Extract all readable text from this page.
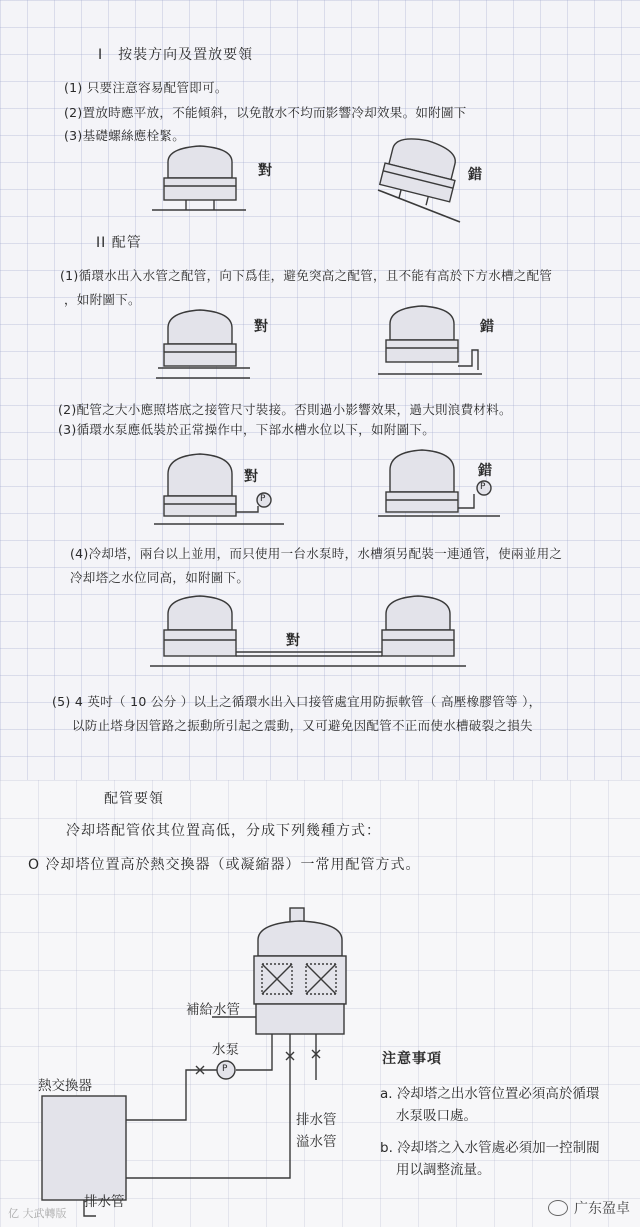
I　按裝方向及置放要領
(1) 只要注意容易配管即可。
(2)置放時應平放，不能傾斜，以免散水不均而影響冷却效果。如附圖下
(3)基礎螺絲應栓緊。
對	錯
II 配管
(1)循環水出入水管之配管，向下爲佳，避免突高之配管，且不能有高於下方水槽之配管
，如附圖下。
對	錯
(2)配管之大小應照塔底之接管尺寸裝接。否則過小影響效果，過大則浪費材料。
(3)循環水泵應低裝於正常操作中，下部水槽水位以下，如附圖下。
P
P
對	錯
(4)冷却塔，兩台以上並用，而只使用一台水泵時，水槽須另配裝一連通管，使兩並用之
冷却塔之水位同高，如附圖下。
對
(5) 4 英吋（ 10 公分 ）以上之循環水出入口接管處宜用防振軟管（ 高壓橡膠管等 ），
以防止塔身因管路之振動所引起之震動，又可避免因配管不正而使水槽破裂之損失
配管要領
冷却塔配管依其位置高低，分成下列幾種方式：
O 冷却塔位置高於熱交換器（或凝縮器）一常用配管方式。
P
補給水管
水泵
熱交換器
排水管
排水管
溢水管
注意事項
a. 冷却塔之出水管位置必須高於循環
水泵吸口處。
b. 冷却塔之入水管處必須加一控制閥
用以調整流量。
亿 大武轉版	广东盈卓
